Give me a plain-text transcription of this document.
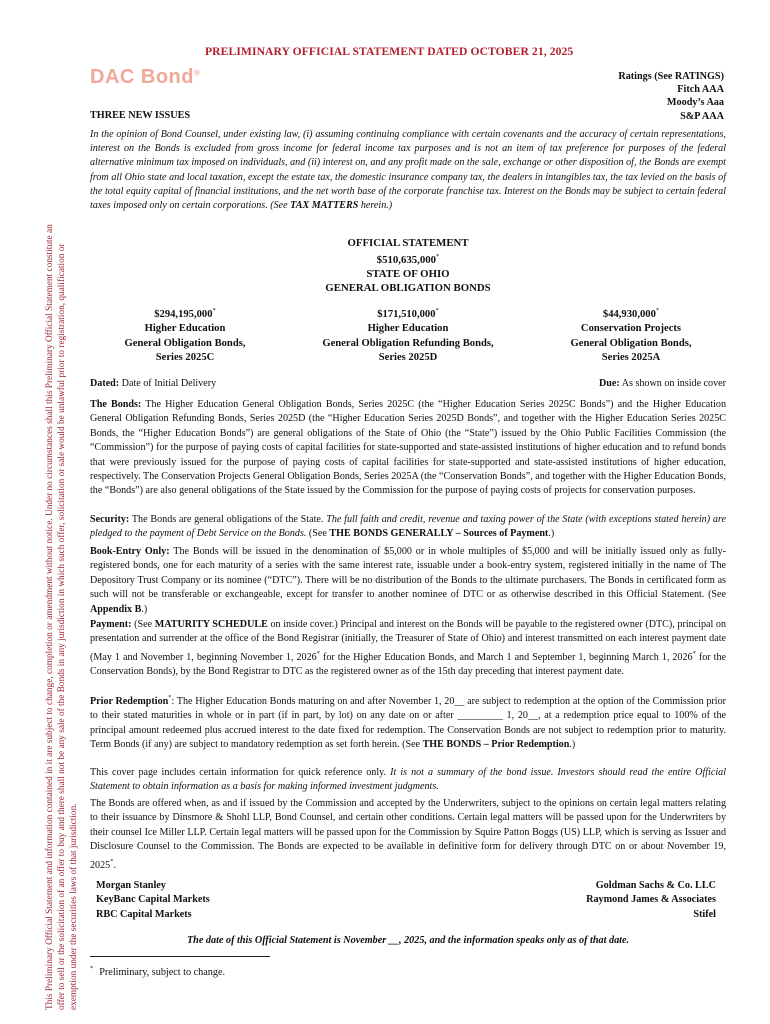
This Preliminary Official Statement and information contained in it are subject to change, completion or amendment without notice. Under no circumstances shall this Preliminary Official Statement constitute an offer to sell or the solicitation of an offer to buy and there shall not be any sale of the Bonds in any jurisdiction in which such offer, solicitation or sale would be unlawful prior to registration, qualification or exemption under the securities laws of that jurisdiction.
PRELIMINARY OFFICIAL STATEMENT DATED OCTOBER 21, 2025
DAC Bond®	Ratings (See RATINGS)
Fitch AAA
Moody’s Aaa
S&P AAA
THREE NEW ISSUES
In the opinion of Bond Counsel, under existing law, (i) assuming continuing compliance with certain covenants and the accuracy of certain representations, interest on the Bonds is excluded from gross income for federal income tax purposes and is not an item of tax preference for purposes of the federal alternative minimum tax imposed on individuals, and (ii) interest on, and any profit made on the sale, exchange or other disposition of, the Bonds are exempt from all Ohio state and local taxation, except the estate tax, the domestic insurance company tax, the dealers in intangibles tax, the tax levied on the basis of the total equity capital of financial institutions, and the net worth base of the corporate franchise tax. Interest on the Bonds may be subject to certain federal taxes imposed only on certain corporations. (See TAX MATTERS herein.)
OFFICIAL STATEMENT
$510,635,000*
STATE OF OHIO
GENERAL OBLIGATION BONDS
$294,195,000*
Higher Education
General Obligation Bonds,
Series 2025C
$171,510,000*
Higher Education
General Obligation Refunding Bonds,
Series 2025D
$44,930,000*
Conservation Projects
General Obligation Bonds,
Series 2025A
Dated: Date of Initial Delivery	Due: As shown on inside cover
The Bonds: The Higher Education General Obligation Bonds, Series 2025C (the “Higher Education Series 2025C Bonds”) and the Higher Education General Obligation Refunding Bonds, Series 2025D (the “Higher Education Series 2025D Bonds”, and together with the Higher Education Series 2025C Bonds, the “Higher Education Bonds”) are general obligations of the State of Ohio (the “State”) issued by the Ohio Public Facilities Commission (the “Commission”) for the purpose of paying costs of capital facilities for state-supported and state-assisted institutions of higher education and to refund bonds that were previously issued for the purpose of paying costs of capital facilities for state-supported and state-assisted institutions of higher education, respectively. The Conservation Projects General Obligation Bonds, Series 2025A (the “Conservation Bonds”, and together with the Higher Education Bonds, the “Bonds”) are also general obligations of the State issued by the Commission for the purpose of paying costs of projects for conservation purposes.
Security: The Bonds are general obligations of the State. The full faith and credit, revenue and taxing power of the State (with exceptions stated herein) are pledged to the payment of Debt Service on the Bonds. (See THE BONDS GENERALLY – Sources of Payment.)
Book-Entry Only: The Bonds will be issued in the denomination of $5,000 or in whole multiples of $5,000 and will be initially issued only as fully-registered bonds, one for each maturity of a series with the same interest rate, issuable under a book-entry system, registered initially in the name of The Depository Trust Company or its nominee (“DTC”). There will be no distribution of the Bonds to the ultimate purchasers. The Bonds in certificated form as such will not be transferable or exchangeable, except for transfer to another nominee of DTC or as otherwise described in this Official Statement. (See Appendix B.)
Payment: (See MATURITY SCHEDULE on inside cover.) Principal and interest on the Bonds will be payable to the registered owner (DTC), principal on presentation and surrender at the office of the Bond Registrar (initially, the Treasurer of State of Ohio) and interest transmitted on each interest payment date (May 1 and November 1, beginning November 1, 2026* for the Higher Education Bonds, and March 1 and September 1, beginning March 1, 2026* for the Conservation Bonds), by the Bond Registrar to DTC as the registered owner as of the 15th day preceding that interest payment date.
Prior Redemption*: The Higher Education Bonds maturing on and after November 1, 20__ are subject to redemption at the option of the Commission prior to their stated maturities in whole or in part (if in part, by lot) on any date on or after _________ 1, 20__, at a redemption price equal to 100% of the principal amount redeemed plus accrued interest to the date fixed for redemption. The Conservation Bonds are not subject to redemption prior to maturity. Term Bonds (if any) are subject to mandatory redemption as set forth herein. (See THE BONDS – Prior Redemption.)
This cover page includes certain information for quick reference only. It is not a summary of the bond issue. Investors should read the entire Official Statement to obtain information as a basis for making informed investment judgments.
The Bonds are offered when, as and if issued by the Commission and accepted by the Underwriters, subject to the opinions on certain legal matters relating to their issuance by Dinsmore & Shohl LLP, Bond Counsel, and certain other conditions. Certain legal matters will be passed upon for the Underwriters by their counsel Ice Miller LLP. Certain legal matters will be passed upon for the Commission by Squire Patton Boggs (US) LLP, which is serving as Issuer and Disclosure Counsel to the Commission. The Bonds are expected to be available in definitive form for delivery through DTC on or about November 19, 2025*.
Morgan Stanley
KeyBanc Capital Markets
RBC Capital Markets
Goldman Sachs & Co. LLC
Raymond James & Associates
Stifel
The date of this Official Statement is November __, 2025, and the information speaks only as of that date.
* Preliminary, subject to change.
